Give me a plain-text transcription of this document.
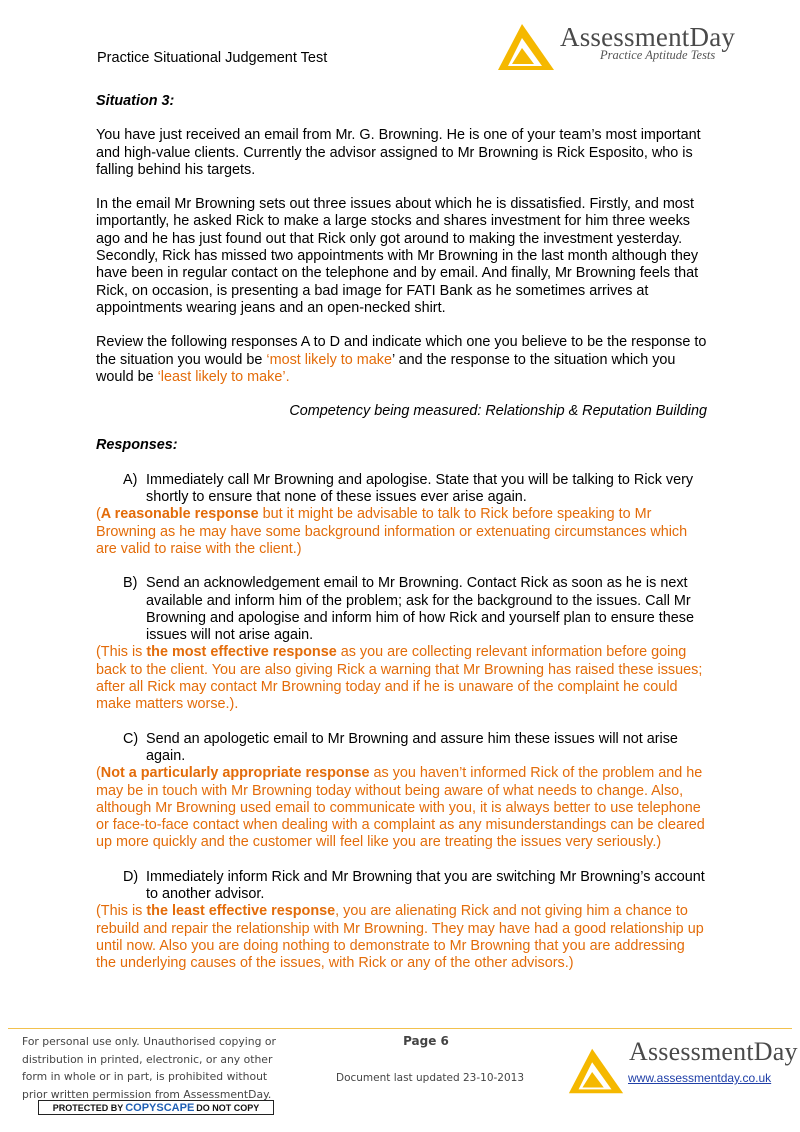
Practice Situational Judgement Test
AssessmentDay
Practice Aptitude Tests
Situation 3:

You have just received an email from Mr. G. Browning. He is one of your team’s most important and high-value clients. Currently the advisor assigned to Mr Browning is Rick Esposito, who is falling behind his targets.

In the email Mr Browning sets out three issues about which he is dissatisfied. Firstly, and most importantly, he asked Rick to make a large stocks and shares investment for him three weeks ago and he has just found out that Rick only got around to making the investment yesterday. Secondly, Rick has missed two appointments with Mr Browning in the last month although they have been in regular contact on the telephone and by email. And finally, Mr Browning feels that Rick, on occasion, is presenting a bad image for FATI Bank as he sometimes arrives at appointments wearing jeans and an open-necked shirt.

Review the following responses A to D and indicate which one you believe to be the response to the situation you would be ‘most likely to make’ and the response to the situation which you would be ‘least likely to make’.

Competency being measured: Relationship & Reputation Building
Responses:
A) Immediately call Mr Browning and apologise. State that you will be talking to Rick very shortly to ensure that none of these issues ever arise again.
(A reasonable response but it might be advisable to talk to Rick before speaking to Mr Browning as he may have some background information or extenuating circumstances which are valid to raise with the client.)
B) Send an acknowledgement email to Mr Browning. Contact Rick as soon as he is next available and inform him of the problem; ask for the background to the issues. Call Mr Browning and apologise and inform him of how Rick and yourself plan to ensure these issues will not arise again.
(This is the most effective response as you are collecting relevant information before going back to the client. You are also giving Rick a warning that Mr Browning has raised these issues; after all Rick may contact Mr Browning today and if he is unaware of the complaint he could make matters worse.).
C) Send an apologetic email to Mr Browning and assure him these issues will not arise again.
(Not a particularly appropriate response as you haven’t informed Rick of the problem and he may be in touch with Mr Browning today without being aware of what needs to change. Also, although Mr Browning used email to communicate with you, it is always better to use telephone or face-to-face contact when dealing with a complaint as any misunderstandings can be cleared up more quickly and the customer will feel like you are treating the issues very seriously.)
D) Immediately inform Rick and Mr Browning that you are switching Mr Browning’s account to another advisor.
(This is the least effective response, you are alienating Rick and not giving him a chance to rebuild and repair the relationship with Mr Browning. They may have had a good relationship up until now. Also you are doing nothing to demonstrate to Mr Browning that you are addressing the underlying causes of the issues, with Rick or any of the other advisors.)
For personal use only. Unauthorised copying or distribution in printed, electronic, or any other form in whole or in part, is prohibited without prior written permission from AssessmentDay.
Page 6
Document last updated 23-10-2013
PROTECTED BY COPYSCAPE DO NOT COPY
AssessmentDay
www.assessmentday.co.uk
